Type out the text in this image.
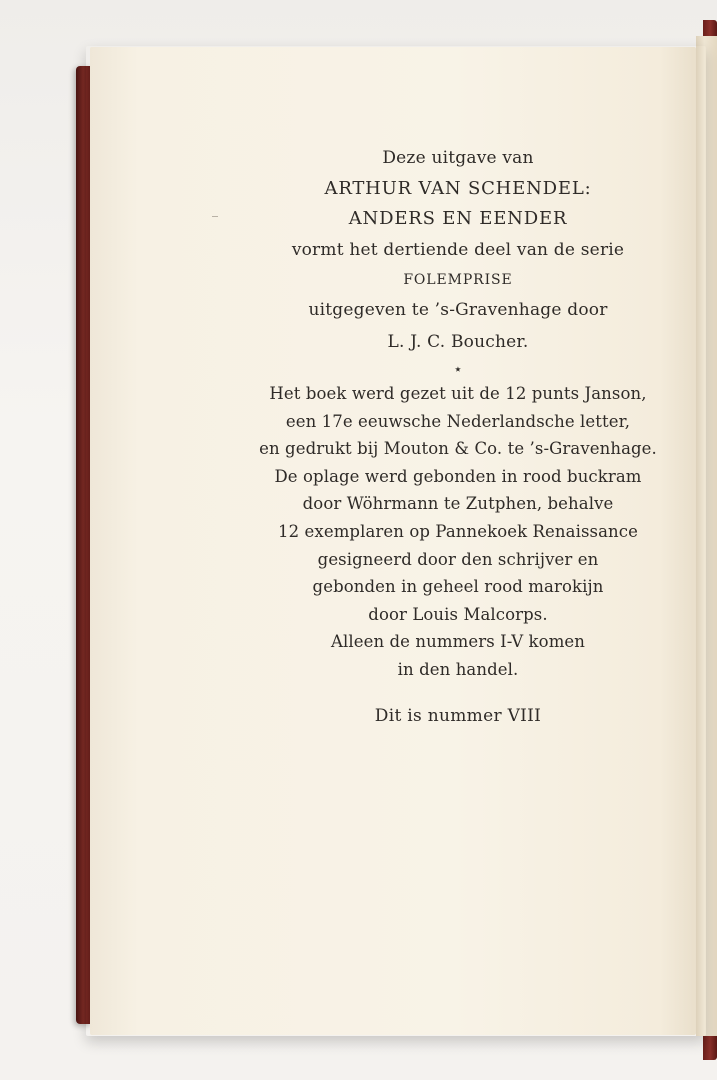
Deze uitgave van
ARTHUR VAN SCHENDEL:
ANDERS EN EENDER
vormt het dertiende deel van de serie
FOLEMPRISE
uitgegeven te ’s-Gravenhage door
L. J. C. Boucher.
⋆
Het boek werd gezet uit de 12 punts Janson,
een 17e eeuwsche Nederlandsche letter,
en gedrukt bij Mouton & Co. te ’s-Gravenhage.
De oplage werd gebonden in rood buckram
door Wöhrmann te Zutphen, behalve
12 exemplaren op Pannekoek Renaissance
gesigneerd door den schrijver en
gebonden in geheel rood marokijn
door Louis Malcorps.
Alleen de nummers I-V komen
in den handel.
Dit is nummer VIII
